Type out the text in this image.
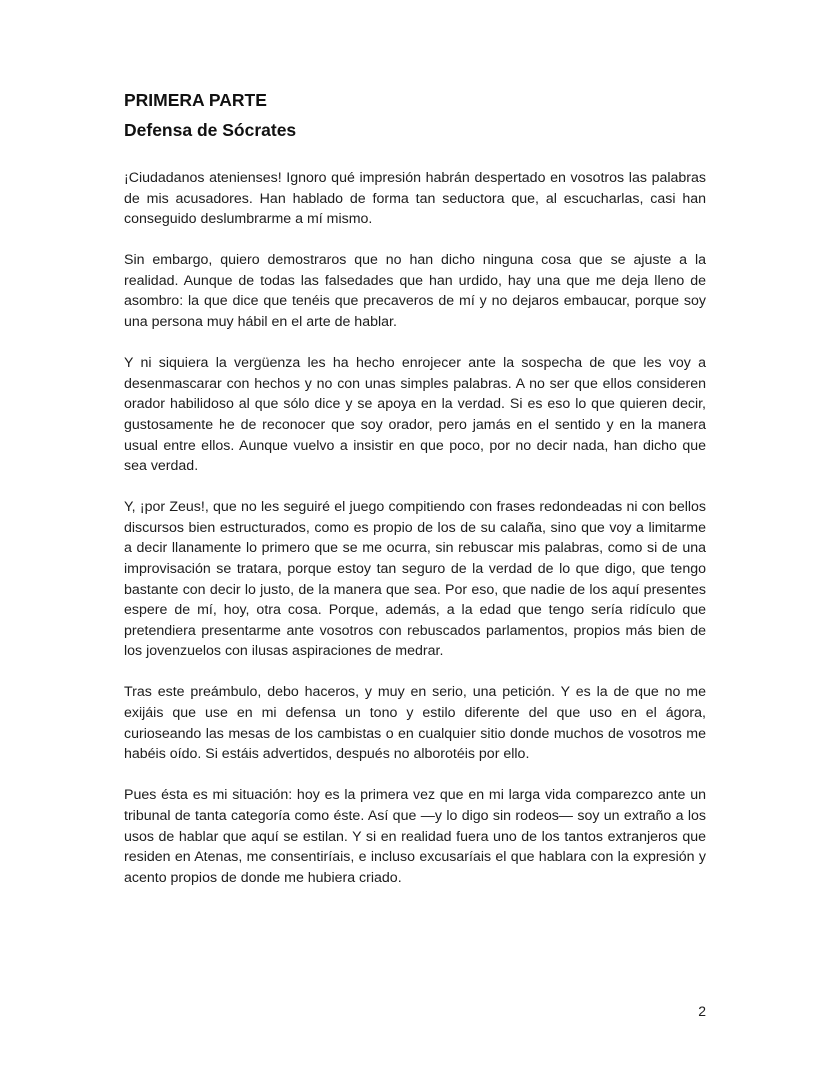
PRIMERA PARTE
Defensa de Sócrates

¡Ciudadanos atenienses! Ignoro qué impresión habrán despertado en vosotros las palabras de mis acusadores. Han hablado de forma tan seductora que, al escucharlas, casi han conseguido deslumbrarme a mí mismo.

Sin embargo, quiero demostraros que no han dicho ninguna cosa que se ajuste a la realidad. Aunque de todas las falsedades que han urdido, hay una que me deja lleno de asombro: la que dice que tenéis que precaveros de mí y no dejaros embaucar, porque soy una persona muy hábil en el arte de hablar.

Y ni siquiera la vergüenza les ha hecho enrojecer ante la sospecha de que les voy a desenmascarar con hechos y no con unas simples palabras. A no ser que ellos consideren orador habilidoso al que sólo dice y se apoya en la verdad. Si es eso lo que quieren decir, gustosamente he de reconocer que soy orador, pero jamás en el sentido y en la manera usual entre ellos. Aunque vuelvo a insistir en que poco, por no decir nada, han dicho que sea verdad.

Y, ¡por Zeus!, que no les seguiré el juego compitiendo con frases redondeadas ni con bellos discursos bien estructurados, como es propio de los de su calaña, sino que voy a limitarme a decir llanamente lo primero que se me ocurra, sin rebuscar mis palabras, como si de una improvisación se tratara, porque estoy tan seguro de la verdad de lo que digo, que tengo bastante con decir lo justo, de la manera que sea. Por eso, que nadie de los aquí presentes espere de mí, hoy, otra cosa. Porque, además, a la edad que tengo sería ridículo que pretendiera presentarme ante vosotros con rebuscados parlamentos, propios más bien de los jovenzuelos con ilusas aspiraciones de medrar.

Tras este preámbulo, debo haceros, y muy en serio, una petición. Y es la de que no me exijáis que use en mi defensa un tono y estilo diferente del que uso en el ágora, curioseando las mesas de los cambistas o en cualquier sitio donde muchos de vosotros me habéis oído. Si estáis advertidos, después no alborotéis por ello.

Pues ésta es mi situación: hoy es la primera vez que en mi larga vida comparezco ante un tribunal de tanta categoría como éste. Así que —y lo digo sin rodeos— soy un extraño a los usos de hablar que aquí se estilan. Y si en realidad fuera uno de los tantos extranjeros que residen en Atenas, me consentiríais, e incluso excusaríais el que hablara con la expresión y acento propios de donde me hubiera criado.

2
